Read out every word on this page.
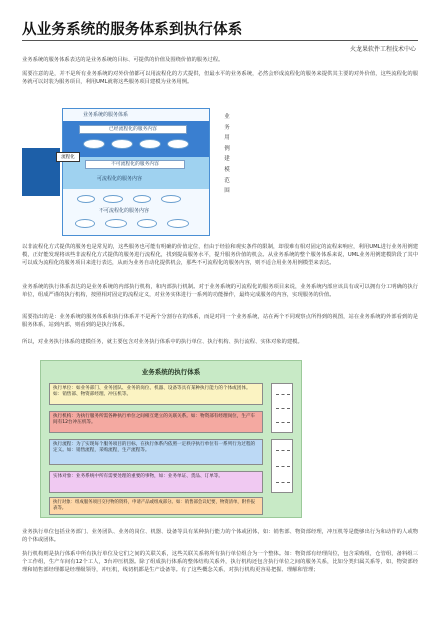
从业务系统的服务体系到执行体系
火龙果软件工程技术中心
业务系统的服务体系表达的是业务系统的目标、可提供的价值及围绕价值的服务过程。
需要注意的是，并不是所有业务系统的对外价值都可以用流程化的方式提供，但最水平的业务系统，必然会形成流程化的服务来提供其主要的对外价值，这些流程化的服务就可以封装为服务项目，利用UML就将这些服务项目建模为业务用例。
业务系统的服务体系
已经流程化的服务内容
不可流程化的服务内容
可流程化的服务内容
不可流程化的服务内容
流程化
业务用例建模范围
以非流程化方式提供的服务也是常见的，这些服务也可能有明确的价值定位，但由于经验和观实条件的限制，却很难有相对固定的流程来响应，利用UML进行业务用例建模，正好能发现将该些非流程化方式提供的服务进行流程化，找到提高服务水平，提升服务价值的机会。从业务系统的整个服务体系来说，UML业务用例建模阶段了其中可以成为流程化的服务项目来进行表达，从而为业务自动化提供机会，那些不可流程化的服务内容，则不适合用业务用例模型来表达。
业务系统的执行体系表达的是业务系统的内部执行机构，和内部执行机制。对于业务系统的可流程化的服务项目来说，业务系统内部应该具有或可以拥有分工明确的执行单位，组成严谨的执行机构，按照相对固定的流程定义，对业务实体进行一系列的功能操作，最终完成服务的内容，实现服务的价值。
需要指出的是：业务系统的服务体系和执行体系并不是两个分割存在的体系，而是对同一个业务系统，站在两个不同观察点所得到的视图，站在业务系统的外部看到的是服务体系，站到内部，则看到的是执行体系。
所以，对业务执行体系的建模任务，就主要包含对业务执行体系中的执行单位、执行机构、执行流程、实体对象的建模。
业务系统的执行体系
执行单位：如业务部门、业务团队、业务的岗位、机器、设备等具有某种执行能力的个体或团体。如：销售部、物资部经理、冲压机等。
执行机构：为执行服务所需各种执行单位之间相互建立的关联关系。如：物资部有经理岗位，生产车间有12台冲压机等。
执行流程：为了实现每个服务项目的目标，在执行体系内依照一定秩序执行单位有一系列行为过程的定义。如：销售流程，采购流程，生产流程等。
实体对象：业务系统中所有需要处理的重要的事物，如：业务单证、货品、订单等。
执行对象：组成服务项目交付物的资料，申请产品或组成部分。如：销售部会议纪要，物资清单，附件报表等。
业务执行单位包括业务部门、业务团队、业务的岗位、机器、设备等具有某种执行能力的个体或团体，如：销售部、物资部经理，冲压机等是能够出行为和动作的人或物的个体或团体。
执行机构则是执行体系中所有执行单位及它们之间的关联关系，这些关联关系将所有执行单位组合为一个整体。如：物资部有经理岗位，包含采购组，仓管组，备料组三个工作组，生产车间有12个工人，3台冲压机器。除了组成执行体系的整体结构关系外，执行机构还包含执行单位之间的服务关系，比如分类归属关系等，如，物资部经理和销售部经理都是经理级领导，冲压机，线切机都是生产设备等。有了这些概念关系，对执行机构更容易把握、理解和管理；
